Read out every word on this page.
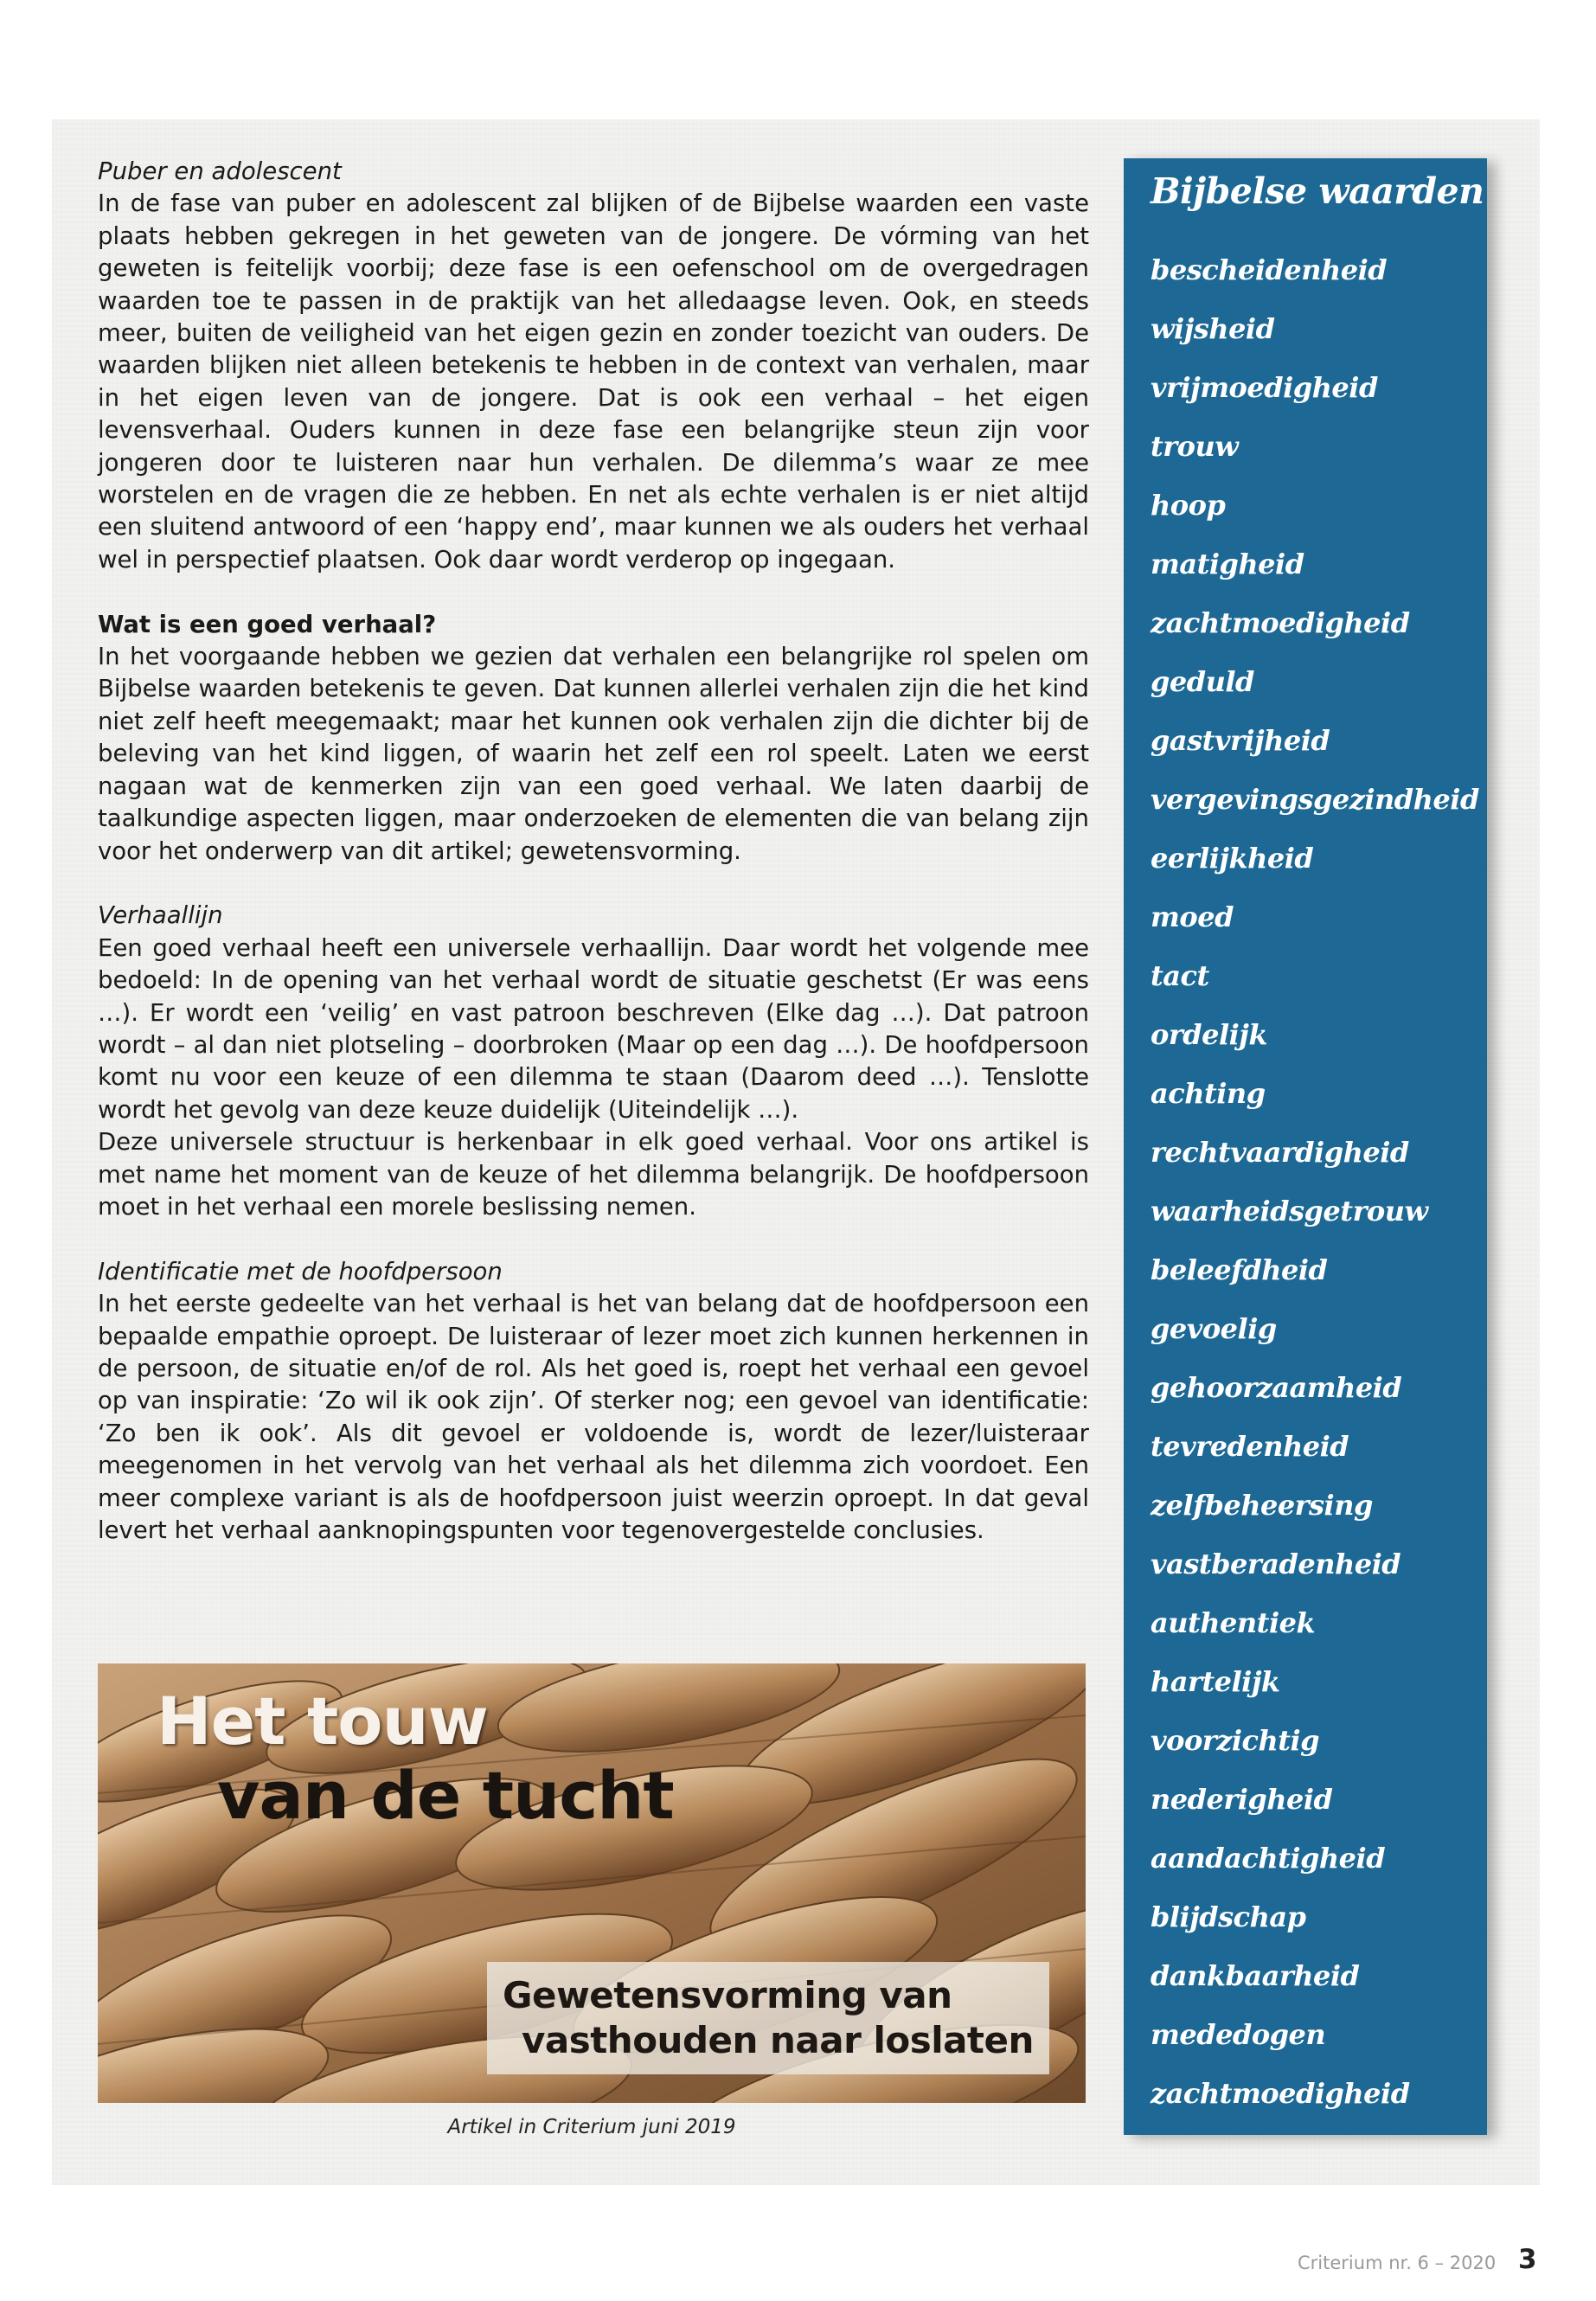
Puber en adolescent

In de fase van puber en adolescent zal blijken of de Bijbelse waarden een vaste plaats hebben gekregen in het geweten van de jongere. De vórming van het geweten is feitelijk voorbij; deze fase is een oefenschool om de overgedragen waarden toe te passen in de praktijk van het alledaagse leven. Ook, en steeds meer, buiten de veiligheid van het eigen gezin en zonder toezicht van ouders. De waarden blijken niet alleen betekenis te hebben in de context van verhalen, maar in het eigen leven van de jongere. Dat is ook een verhaal – het eigen levensverhaal. Ouders kunnen in deze fase een belangrijke steun zijn voor jongeren door te luisteren naar hun verhalen. De dilemma’s waar ze mee worstelen en de vragen die ze hebben. En net als echte verhalen is er niet altijd een sluitend antwoord of een ‘happy end’, maar kunnen we als ouders het verhaal wel in perspectief plaatsen. Ook daar wordt verderop op ingegaan.

Wat is een goed verhaal?

In het voorgaande hebben we gezien dat verhalen een belangrijke rol spelen om Bijbelse waarden betekenis te geven. Dat kunnen allerlei verhalen zijn die het kind niet zelf heeft meegemaakt; maar het kunnen ook verhalen zijn die dichter bij de beleving van het kind liggen, of waarin het zelf een rol speelt. Laten we eerst nagaan wat de kenmerken zijn van een goed verhaal. We laten daarbij de taalkundige aspecten liggen, maar onderzoeken de elementen die van belang zijn voor het onderwerp van dit artikel; gewetensvorming.

Verhaallijn

Een goed verhaal heeft een universele verhaallijn. Daar wordt het volgende mee bedoeld: In de opening van het verhaal wordt de situatie geschetst (Er was eens …). Er wordt een ‘veilig’ en vast patroon beschreven (Elke dag …). Dat patroon wordt – al dan niet plotseling – doorbroken (Maar op een dag …). De hoofdpersoon komt nu voor een keuze of een dilemma te staan (Daarom deed …). Tenslotte wordt het gevolg van deze keuze duidelijk (Uiteindelijk …).

Deze universele structuur is herkenbaar in elk goed verhaal. Voor ons artikel is met name het moment van de keuze of het dilemma belangrijk. De hoofdpersoon moet in het verhaal een morele beslissing nemen.

Identificatie met de hoofdpersoon

In het eerste gedeelte van het verhaal is het van belang dat de hoofdpersoon een bepaalde empathie oproept. De luisteraar of lezer moet zich kunnen herkennen in de persoon, de situatie en/of de rol. Als het goed is, roept het verhaal een gevoel op van inspiratie: ‘Zo wil ik ook zijn’. Of sterker nog; een gevoel van identificatie: ‘Zo ben ik ook’. Als dit gevoel er voldoende is, wordt de lezer/luisteraar meegenomen in het vervolg van het verhaal als het dilemma zich voordoet. Een meer complexe variant is als de hoofdpersoon juist weerzin oproept. In dat geval levert het verhaal aanknopingspunten voor tegenovergestelde conclusies.

Het touw
van de tucht
Gewetensvorming van
vasthouden naar loslaten
Artikel in Criterium juni 2019
Bijbelse waarden
bescheidenheid
wijsheid
vrijmoedigheid
trouw
hoop
matigheid
zachtmoedigheid
geduld
gastvrijheid
vergevingsgezindheid
eerlijkheid
moed
tact
ordelijk
achting
rechtvaardigheid
waarheidsgetrouw
beleefdheid
gevoelig
gehoorzaamheid
tevredenheid
zelfbeheersing
vastberadenheid
authentiek
hartelijk
voorzichtig
nederigheid
aandachtigheid
blijdschap
dankbaarheid
mededogen
zachtmoedigheid
Criterium nr. 6 – 2020 3
